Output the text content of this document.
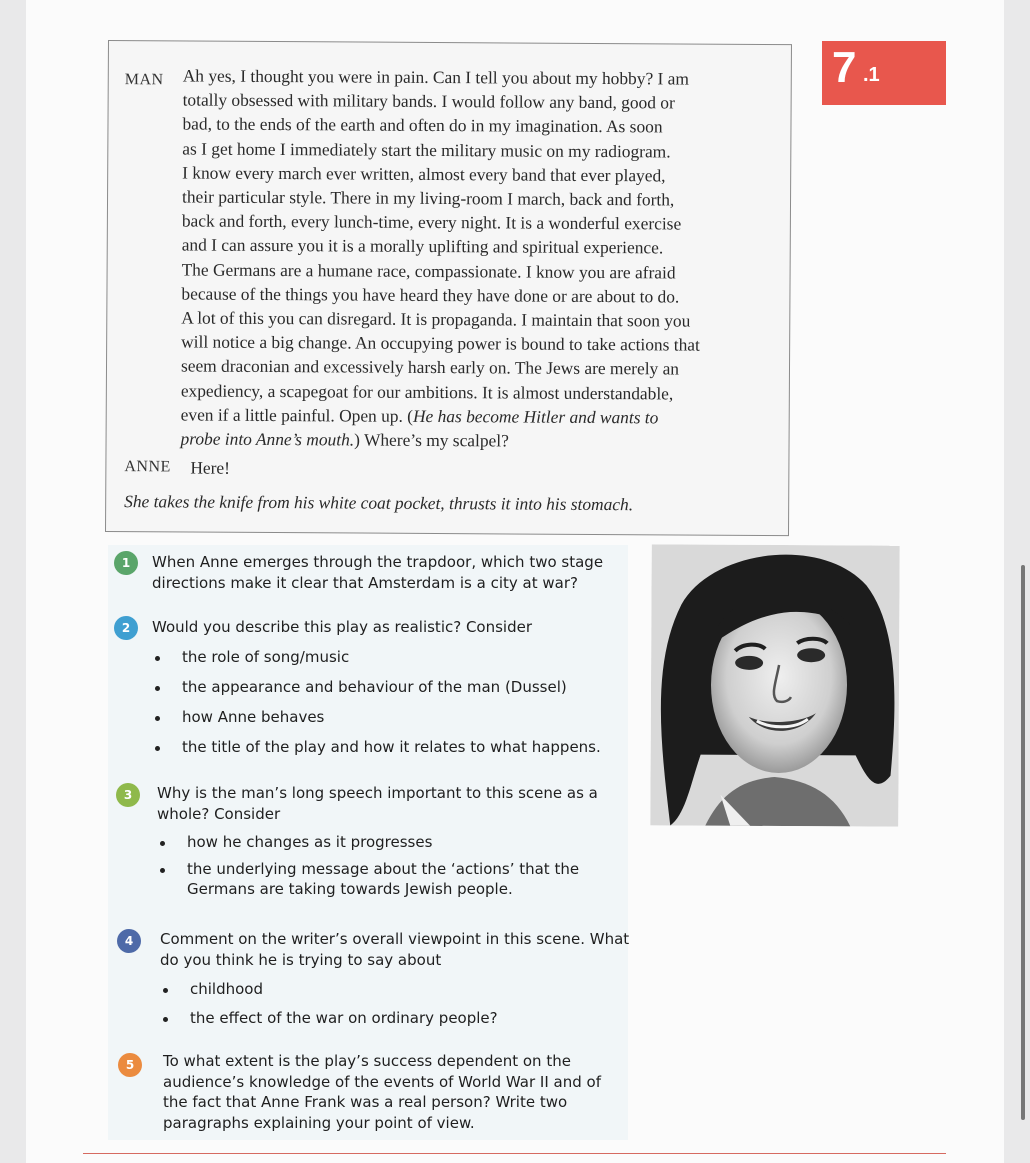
7 .1
MAN Ah yes, I thought you were in pain. Can I tell you about my hobby? I am
totally obsessed with military bands. I would follow any band, good or
bad, to the ends of the earth and often do in my imagination. As soon
as I get home I immediately start the military music on my radiogram.
I know every march ever written, almost every band that ever played,
their particular style. There in my living-room I march, back and forth,
back and forth, every lunch-time, every night. It is a wonderful exercise
and I can assure you it is a morally uplifting and spiritual experience.
The Germans are a humane race, compassionate. I know you are afraid
because of the things you have heard they have done or are about to do.
A lot of this you can disregard. It is propaganda. I maintain that soon you
will notice a big change. An occupying power is bound to take actions that
seem draconian and excessively harsh early on. The Jews are merely an
expediency, a scapegoat for our ambitions. It is almost understandable,
even if a little painful. Open up. (He has become Hitler and wants to
probe into Anne’s mouth.) Where’s my scalpel?
ANNE Here!

She takes the knife from his white coat pocket, thrusts it into his stomach.

1	When Anne emerges through the trapdoor, which two stage directions make it clear that Amsterdam is a city at war?

2	Would you describe this play as realistic? Consider

the role of song/music
the appearance and behaviour of the man (Dussel)
how Anne behaves
the title of the play and how it relates to what happens.
3	Why is the man’s long speech important to this scene as a whole? Consider

how he changes as it progresses
the underlying message about the ‘actions’ that the Germans are taking towards Jewish people.
4	Comment on the writer’s overall viewpoint in this scene. What do you think he is trying to say about

childhood
the effect of the war on ordinary people?
5	To what extent is the play’s success dependent on the audience’s knowledge of the events of World War II and of the fact that Anne Frank was a real person? Write two paragraphs explaining your point of view.
